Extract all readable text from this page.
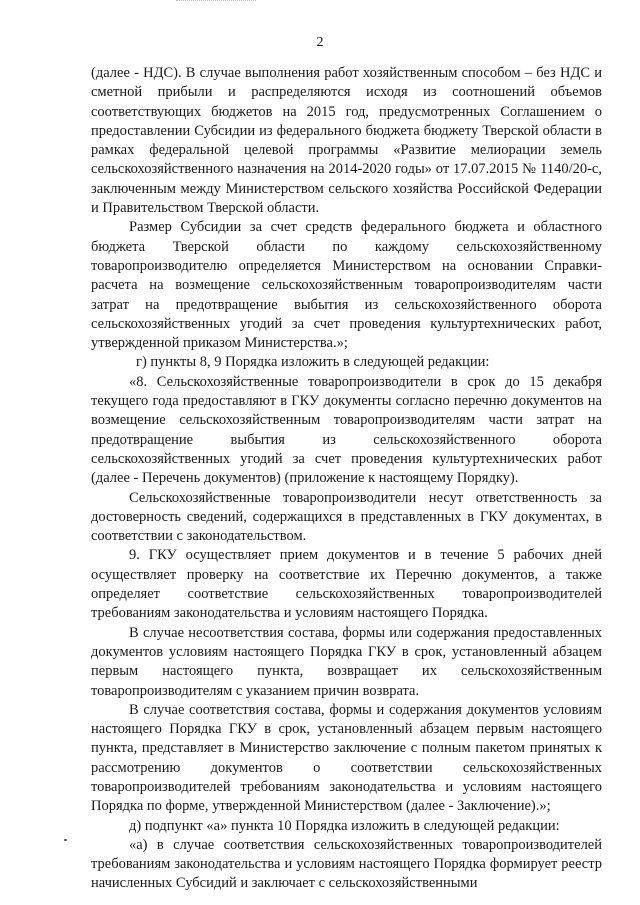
2

(далее - НДС). В случае выполнения работ хозяйственным способом – без НДС и сметной прибыли и распределяются исходя из соотношений объемов соответствующих бюджетов на 2015 год, предусмотренных Соглашением о предоставлении Субсидии из федерального бюджета бюджету Тверской области в рамках федеральной целевой программы «Развитие мелиорации земель сельскохозяйственного назначения на 2014-2020 годы» от 17.07.2015 № 1140/20-с, заключенным между Министерством сельского хозяйства Российской Федерации и Правительством Тверской области.

Размер Субсидии за счет средств федерального бюджета и областного бюджета Тверской области по каждому сельскохозяйственному товаропроизводителю определяется Министерством на основании Справки-расчета на возмещение сельскохозяйственным товаропроизводителям части затрат на предотвращение выбытия из сельскохозяйственного оборота сельскохозяйственных угодий за счет проведения культуртехнических работ, утвержденной приказом Министерства.»;

г) пункты 8, 9 Порядка изложить в следующей редакции:

«8. Сельскохозяйственные товаропроизводители в срок до 15 декабря текущего года предоставляют в ГКУ документы согласно перечню документов на возмещение сельскохозяйственным товаропроизводителям части затрат на предотвращение выбытия из сельскохозяйственного оборота сельскохозяйственных угодий за счет проведения культуртехнических работ (далее - Перечень документов) (приложение к настоящему Порядку).

Сельскохозяйственные товаропроизводители несут ответственность за достоверность сведений, содержащихся в представленных в ГКУ документах, в соответствии с законодательством.

9. ГКУ осуществляет прием документов и в течение 5 рабочих дней осуществляет проверку на соответствие их Перечню документов, а также определяет соответствие сельскохозяйственных товаропроизводителей требованиям законодательства и условиям настоящего Порядка.

В случае несоответствия состава, формы или содержания предоставленных документов условиям настоящего Порядка ГКУ в срок, установленный абзацем первым настоящего пункта, возвращает их сельскохозяйственным товаропроизводителям с указанием причин возврата.

В случае соответствия состава, формы и содержания документов условиям настоящего Порядка ГКУ в срок, установленный абзацем первым настоящего пункта, представляет в Министерство заключение с полным пакетом принятых к рассмотрению документов о соответствии сельскохозяйственных товаропроизводителей требованиям законодательства и условиям настоящего Порядка по форме, утвержденной Министерством (далее - Заключение).»;

д) подпункт «а» пункта 10 Порядка изложить в следующей редакции:

«а) в случае соответствия сельскохозяйственных товаропроизводителей требованиям законодательства и условиям настоящего Порядка формирует реестр начисленных Субсидий и заключает с сельскохозяйственными
